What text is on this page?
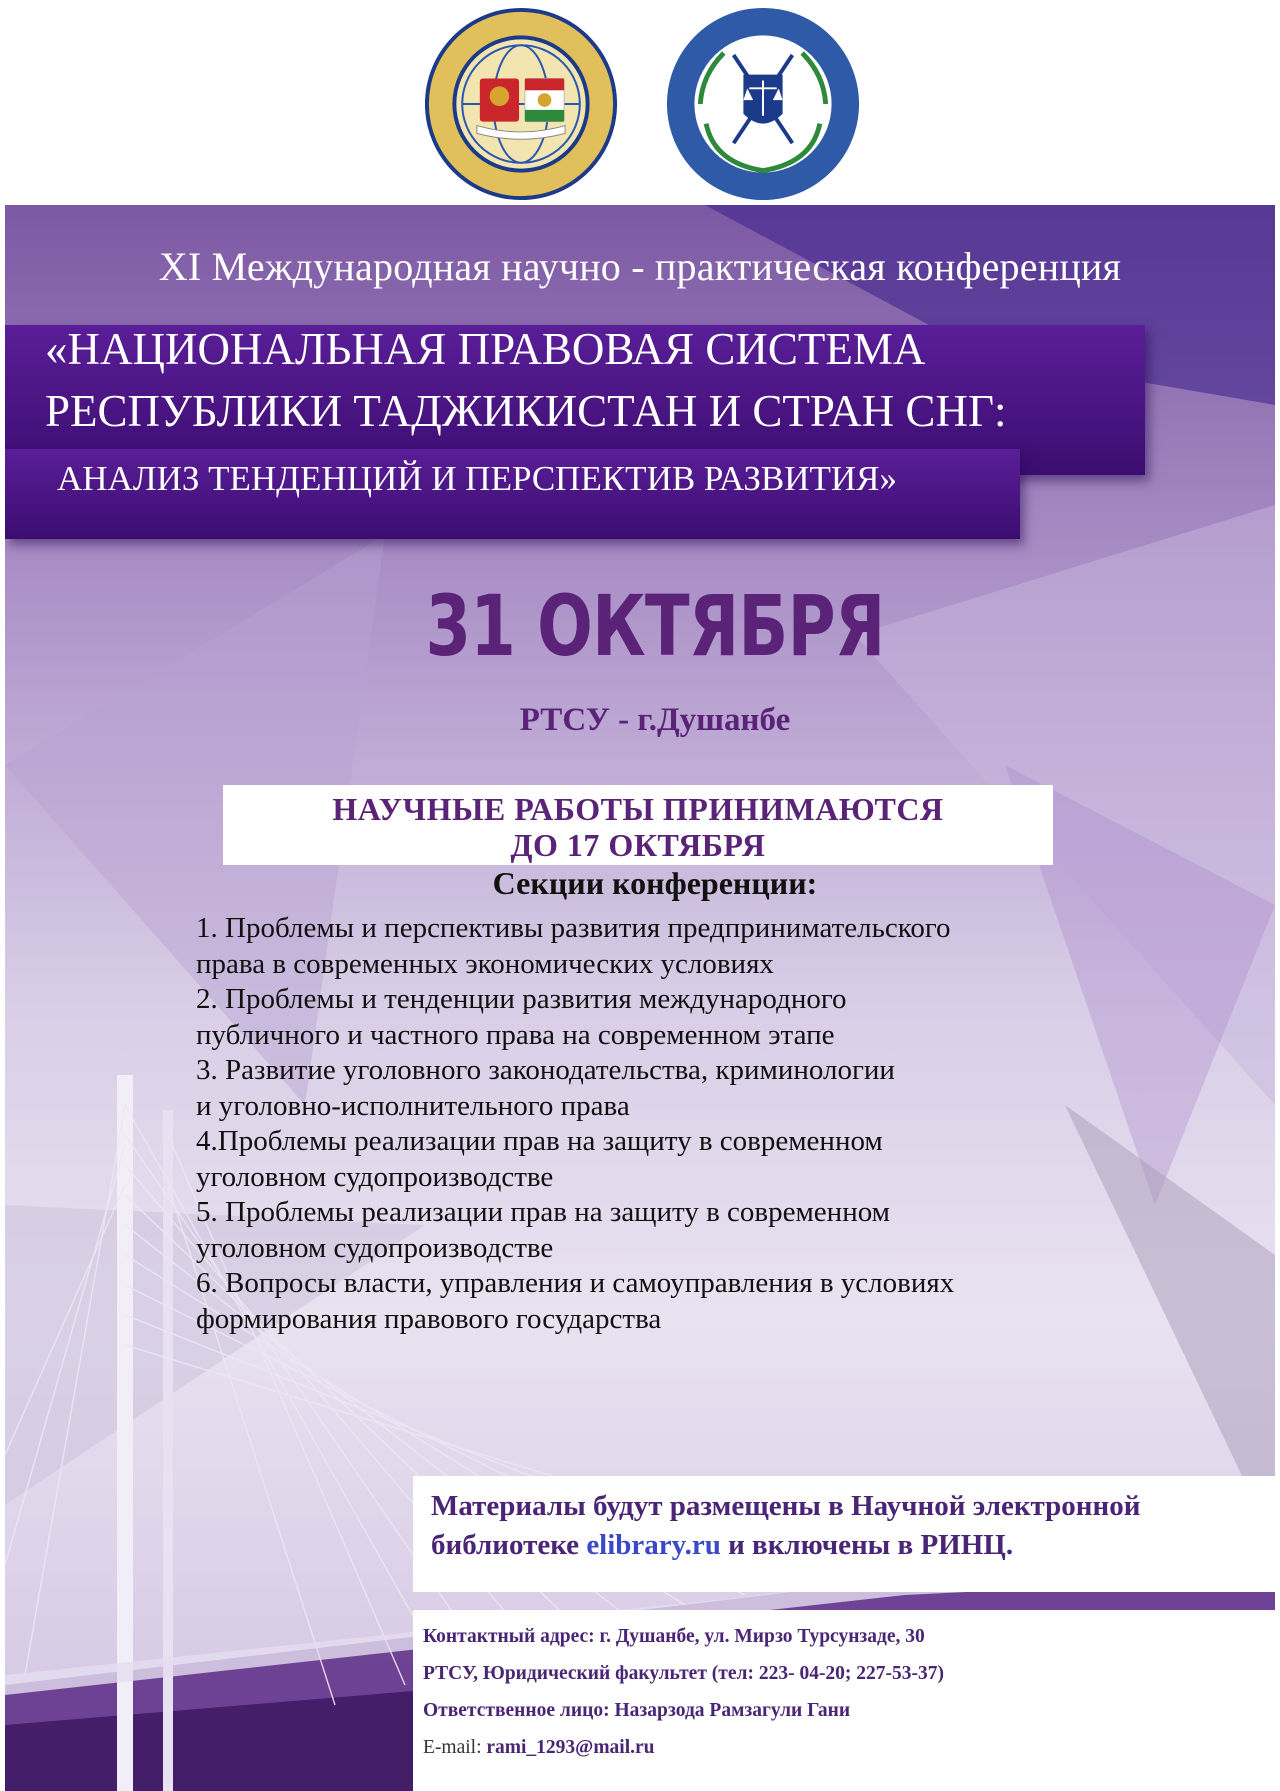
XI Международная научно - практическая конференция
«НАЦИОНАЛЬНАЯ ПРАВОВАЯ СИСТЕМА
РЕСПУБЛИКИ ТАДЖИКИСТАН И СТРАН СНГ:
АНАЛИЗ ТЕНДЕНЦИЙ И ПЕРСПЕКТИВ РАЗВИТИЯ»
31 ОКТЯБРЯ
РТСУ - г.Душанбе
НАУЧНЫЕ РАБОТЫ ПРИНИМАЮТСЯ
ДО 17 ОКТЯБРЯ
Секции конференции:
1. Проблемы и перспективы развития предпринимательского
права в современных экономических условиях
2. Проблемы и тенденции развития международного
публичного и частного права на современном этапе
3. Развитие уголовного законодательства, криминологии
и уголовно-исполнительного права
4.Проблемы реализации прав на защиту в современном
уголовном судопроизводстве
5. Проблемы реализации прав на защиту в современном
уголовном судопроизводстве
6. Вопросы власти, управления и самоуправления в условиях
формирования правового государства
Материалы будут размещены в Научной электронной
библиотеке elibrary.ru и включены в РИНЦ.
Контактный адрес: г. Душанбе, ул. Мирзо Турсунзаде, 30
РТСУ, Юридический факультет (тел: 223- 04-20; 227-53-37)
Ответственное лицо: Назарзода Рамзагули Гани
E-mail: rami_1293@mail.ru
